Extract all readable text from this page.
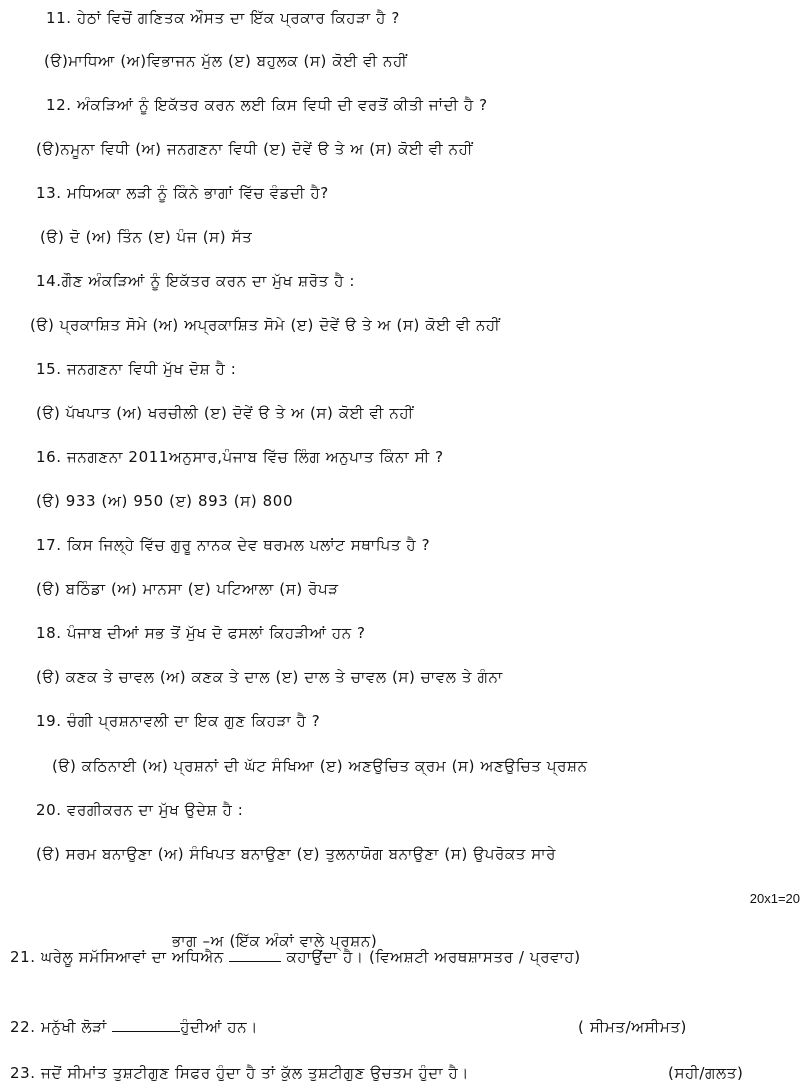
11. ਹੇਠਾਂ ਵਿਚੋਂ ਗਣਿਤਕ ਔਸਤ ਦਾ ਇੱਕ ਪ੍ਰਕਾਰ ਕਿਹੜਾ ਹੈ ?
(ੳ)ਮਾਧਿਆ (ਅ)ਵਿਭਾਜਨ ਮੁੱਲ (ੲ) ਬਹੁਲਕ (ਸ) ਕੋਈ ਵੀ ਨਹੀਂ
12. ਅੰਕੜਿਆਂ ਨੂੰ ਇਕੱਤਰ ਕਰਨ ਲਈ ਕਿਸ ਵਿਧੀ ਦੀ ਵਰਤੋਂ ਕੀਤੀ ਜਾਂਦੀ ਹੈ ?
(ੳ)ਨਮੂਨਾ ਵਿਧੀ (ਅ) ਜਨਗਣਨਾ ਵਿਧੀ (ੲ) ਦੋਵੇਂ ੳ ਤੇ ਅ (ਸ) ਕੋਈ ਵੀ ਨਹੀਂ
13. ਮਧਿਅਕਾ ਲੜੀ ਨੂੰ ਕਿੰਨੇ ਭਾਗਾਂ ਵਿੱਚ ਵੰਡਦੀ ਹੈ?
(ੳ) ਦੋ (ਅ) ਤਿੰਨ (ੲ) ਪੰਜ (ਸ) ਸੱਤ
14.ਗੌਣ ਅੰਕੜਿਆਂ ਨੂੰ ਇਕੱਤਰ ਕਰਨ ਦਾ ਮੁੱਖ ਸ਼ਰੋਤ ਹੈ :
(ੳ) ਪ੍ਰਕਾਸ਼ਿਤ ਸੋਮੇ (ਅ) ਅਪ੍ਰਕਾਸ਼ਿਤ ਸੋਮੇ (ੲ) ਦੋਵੇਂ ੳ ਤੇ ਅ (ਸ) ਕੋਈ ਵੀ ਨਹੀਂ
15. ਜਨਗਣਨਾ ਵਿਧੀ ਮੁੱਖ ਦੋਸ਼ ਹੈ :
(ੳ) ਪੱਖਪਾਤ (ਅ) ਖਰਚੀਲੀ (ੲ) ਦੋਵੇਂ ੳ ਤੇ ਅ (ਸ) ਕੋਈ ਵੀ ਨਹੀਂ
16. ਜਨਗਣਨਾ 2011ਅਨੁਸਾਰ,ਪੰਜਾਬ ਵਿੱਚ ਲਿੰਗ ਅਨੁਪਾਤ ਕਿੰਨਾ ਸੀ ?
(ੳ) 933 (ਅ) 950 (ੲ) 893 (ਸ) 800
17. ਕਿਸ ਜਿਲ੍ਹੇ ਵਿੱਚ ਗੁਰੂ ਨਾਨਕ ਦੇਵ ਥਰਮਲ ਪਲਾਂਟ ਸਥਾਪਿਤ ਹੈ ?
(ੳ) ਬਠਿੰਡਾ (ਅ) ਮਾਨਸਾ (ੲ) ਪਟਿਆਲਾ (ਸ) ਰੋਪੜ
18. ਪੰਜਾਬ ਦੀਆਂ ਸਭ ਤੋਂ ਮੁੱਖ ਦੋ ਫਸਲਾਂ ਕਿਹੜੀਆਂ ਹਨ ?
(ੳ) ਕਣਕ ਤੇ ਚਾਵਲ (ਅ) ਕਣਕ ਤੇ ਦਾਲ (ੲ) ਦਾਲ ਤੇ ਚਾਵਲ (ਸ) ਚਾਵਲ ਤੇ ਗੰਨਾ
19. ਚੰਗੀ ਪ੍ਰਸ਼ਨਾਵਲੀ ਦਾ ਇਕ ਗੁਣ ਕਿਹੜਾ ਹੈ ?
(ੳ) ਕਠਿਨਾਈ (ਅ) ਪ੍ਰਸ਼ਨਾਂ ਦੀ ਘੱਟ ਸੰਖਿਆ (ੲ) ਅਣਉਚਿਤ ਕ੍ਰਮ (ਸ) ਅਣਉਚਿਤ ਪ੍ਰਸ਼ਨ
20. ਵਰਗੀਕਰਨ ਦਾ ਮੁੱਖ ਉਦੇਸ਼ ਹੈ :
(ੳ) ਸਰਮ ਬਨਾਉਣਾ (ਅ) ਸੰਖਿਪਤ ਬਨਾਉਣਾ (ੲ) ਤੁਲਨਾਯੋਗ ਬਨਾਉਣਾ (ਸ) ਉਪਰੋਕਤ ਸਾਰੇ
20x1=20
ਭਾਗ –ਅ (ਇੱਕ ਅੰਕਾਂ ਵਾਲੇ ਪ੍ਰਸ਼ਨ)
21. ਘਰੇਲੂ ਸਮੱਸਿਆਵਾਂ ਦਾ ਅਧਿਐਨ	ਕਹਾਉਂਦਾ ਹੈ। (ਵਿਅਸ਼ਟੀ ਅਰਥਸ਼ਾਸਤਰ / ਪ੍ਰਵਾਹ)
22. ਮਨੁੱਖੀ ਲੋੜਾਂ	ਹੁੰਦੀਆਂ ਹਨ।	( ਸੀਮਤ/ਅਸੀਮਤ)
23. ਜਦੋਂ ਸੀਮਾਂਤ ਤੁਸ਼ਟੀਗੁਣ ਸਿਫਰ ਹੁੰਦਾ ਹੈ ਤਾਂ ਕੁੱਲ ਤੁਸ਼ਟੀਗੁਣ ਉਚਤਮ ਹੁੰਦਾ ਹੈ।	(ਸਹੀ/ਗਲਤ)
